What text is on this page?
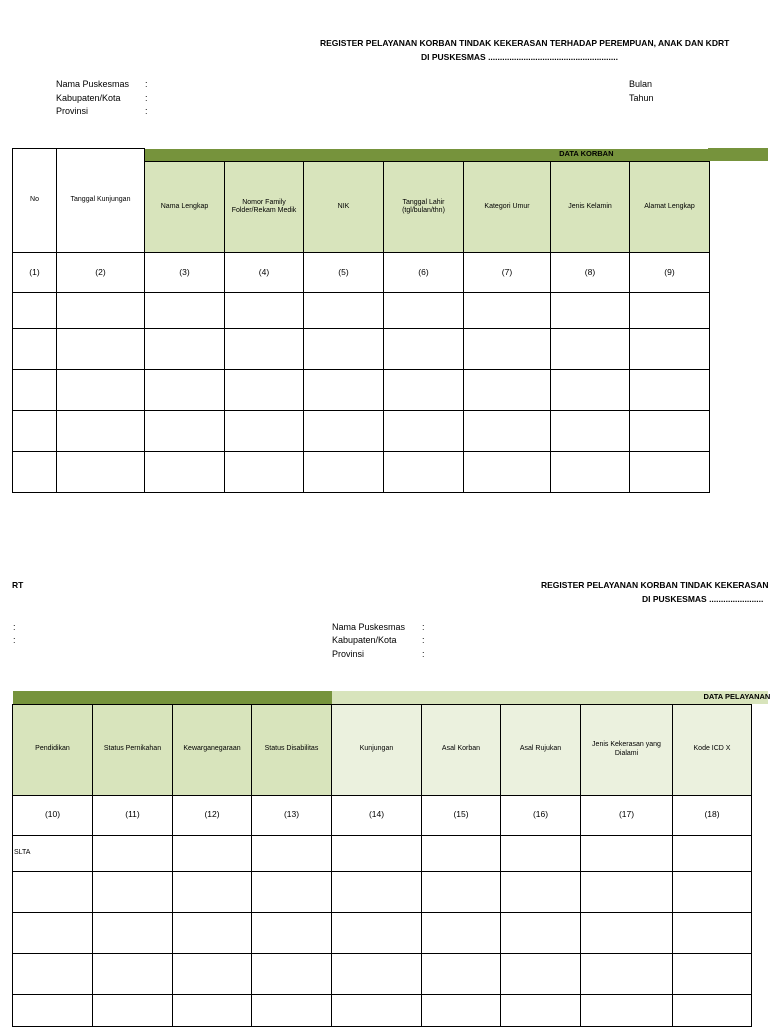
REGISTER PELAYANAN KORBAN TINDAK KEKERASAN TERHADAP PEREMPUAN, ANAK DAN KDRT
DI PUSKESMAS .......................................................
Nama Puskesmas
Kabupaten/Kota
Provinsi
:
:
:
Bulan
Tahun
No	Tanggal Kunjungan	DATA KORBAN						
		Nama Lengkap	Nomor Family Folder/Rekam Medik	NIK	Tanggal Lahir (tgl/bulan/thn)	Kategori Umur	Jenis Kelamin	Alamat Lengkap
(1)	(2)	(3)	(4)	(5)	(6)	(7)	(8)	(9)

RT	REGISTER PELAYANAN KORBAN TINDAK KEKERASAN
DI PUSKESMAS .......................
:
:
Nama Puskesmas
Kabupaten/Kota
Provinsi
:
:
:

				DATA PELAYANAN				

Pendidikan	Status Pernikahan	Kewarganegaraan	Status Disabilitas	Kunjungan	Asal Korban	Asal Rujukan	Jenis Kekerasan yang Dialami	Kode ICD X
(10)	(11)	(12)	(13)	(14)	(15)	(16)	(17)	(18)
SLTA								
